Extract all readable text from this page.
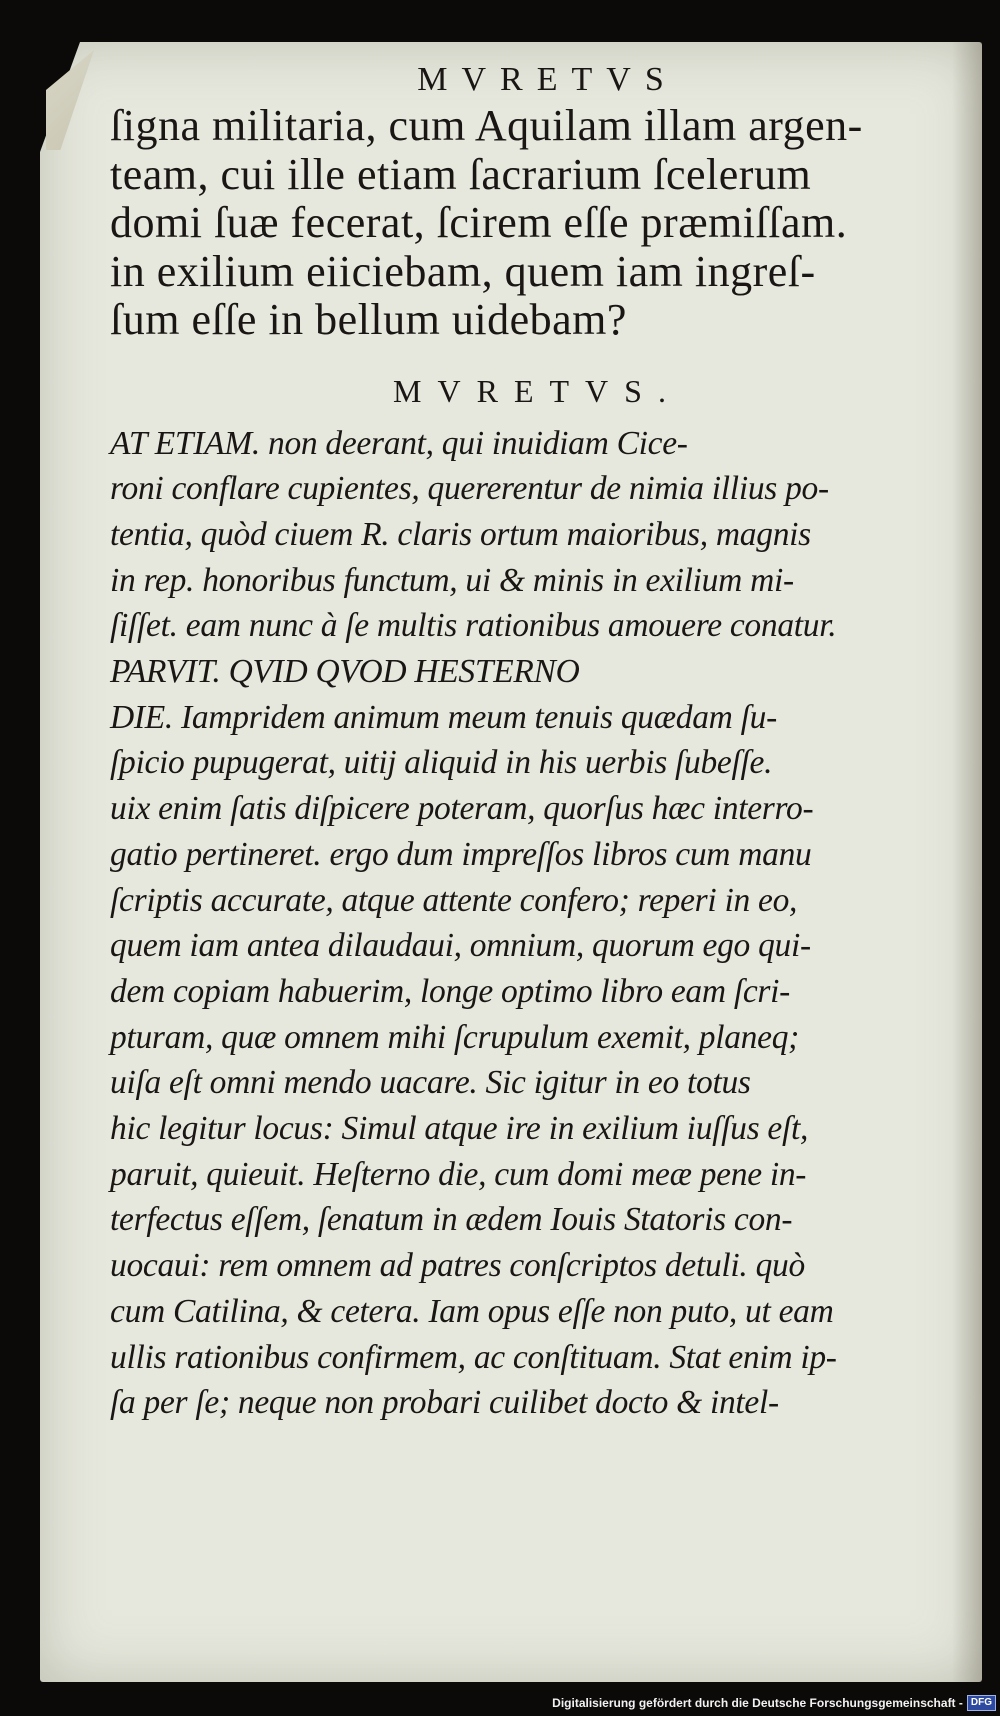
MVRETVS
ſigna militaria, cum Aquilam illam argen-
team, cui ille etiam ſacrarium ſcelerum
domi ſuæ fecerat, ſcirem eſſe præmiſſam.
in exilium eiiciebam, quem iam ingreſ-
ſum eſſe in bellum uidebam?
MVRETVS.
AT ETIAM. non deerant, qui inuidiam Cice-
roni conflare cupientes, quererentur de nimia illius po-
tentia, quòd ciuem R. claris ortum maioribus, magnis
in rep. honoribus functum, ui & minis in exilium mi-
ſiſſet. eam nunc à ſe multis rationibus amouere conatur.
PARVIT. QVID QVOD HESTERNO
DIE. Iampridem animum meum tenuis quædam ſu-
ſpicio pupugerat, uitij aliquid in his uerbis ſubeſſe.
uix enim ſatis diſpicere poteram, quorſus hæc interro-
gatio pertineret. ergo dum impreſſos libros cum manu
ſcriptis accurate, atque attente confero; reperi in eo,
quem iam antea dilaudaui, omnium, quorum ego qui-
dem copiam habuerim, longe optimo libro eam ſcri-
pturam, quæ omnem mihi ſcrupulum exemit, planeq;
uiſa eſt omni mendo uacare. Sic igitur in eo totus
hic legitur locus: Simul atque ire in exilium iuſſus eſt,
paruit, quieuit. Heſterno die, cum domi meæ pene in-
terfectus eſſem, ſenatum in ædem Iouis Statoris con-
uocaui: rem omnem ad patres conſcriptos detuli. quò
cum Catilina, & cetera. Iam opus eſſe non puto, ut eam
ullis rationibus confirmem, ac conſtituam. Stat enim ip-
ſa per ſe; neque non probari cuilibet docto & intel-
Digitalisierung gefördert durch die Deutsche Forschungsgemeinschaft - DFG
